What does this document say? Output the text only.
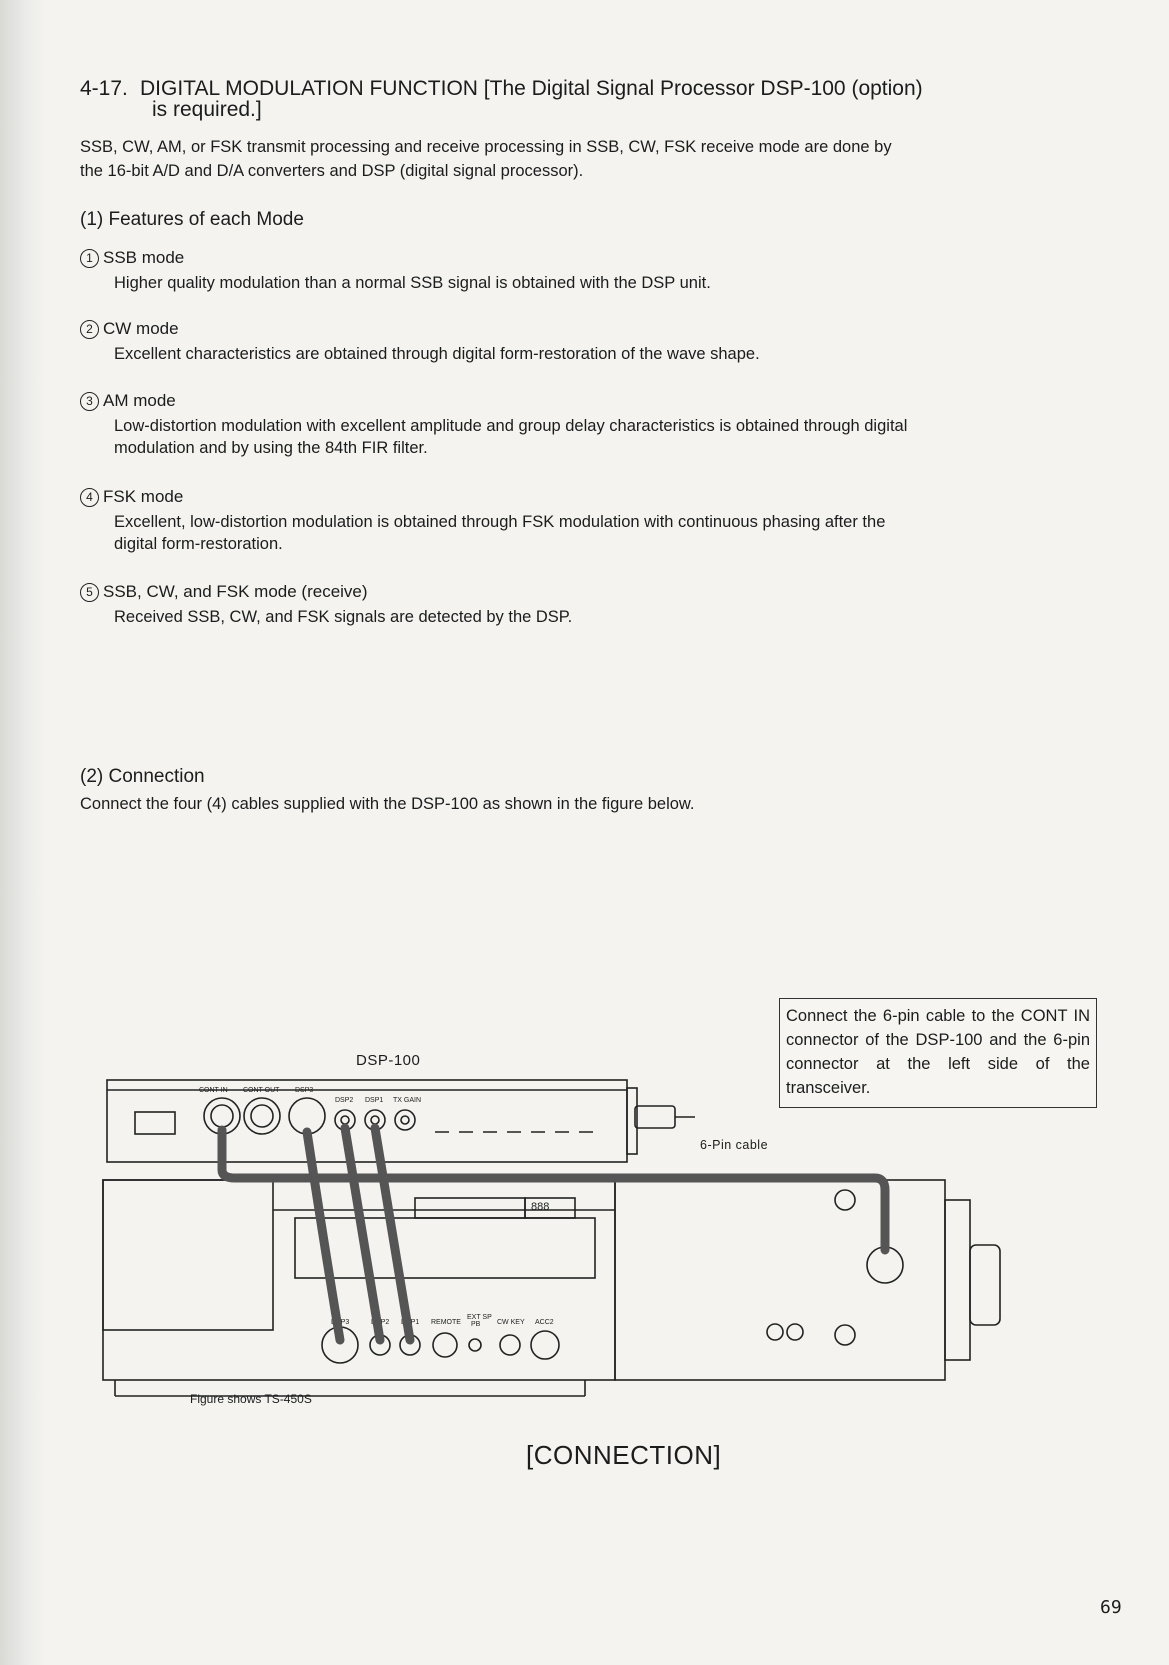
4-17. DIGITAL MODULATION FUNCTION [The Digital Signal Processor DSP-100 (option)
is required.]
SSB, CW, AM, or FSK transmit processing and receive processing in SSB, CW, FSK receive mode are done by
the 16-bit A/D and D/A converters and DSP (digital signal processor).
(1) Features of each Mode
1 SSB mode
Higher quality modulation than a normal SSB signal is obtained with the DSP unit.
2 CW mode
Excellent characteristics are obtained through digital form-restoration of the wave shape.
3 AM mode
Low-distortion modulation with excellent amplitude and group delay characteristics is obtained through digital
modulation and by using the 84th FIR filter.
4 FSK mode
Excellent, low-distortion modulation is obtained through FSK modulation with continuous phasing after the
digital form-restoration.
5 SSB, CW, and FSK mode (receive)
Received SSB, CW, and FSK signals are detected by the DSP.
(2) Connection
Connect the four (4) cables supplied with the DSP-100 as shown in the figure below.
Connect the 6-pin cable to the CONT IN connector of the DSP-100 and the 6-pin connector at the left side of the transceiver.
DSP-100
6-Pin cable
CONT IN CONT OUT DSP3
DSP2 DSP1 TX GAIN
DSP3	DSP2 DSP1 REMOTE
EXT SP
PB CW KEY ACC2
888
Figure shows TS-450S
[CONNECTION]
69
